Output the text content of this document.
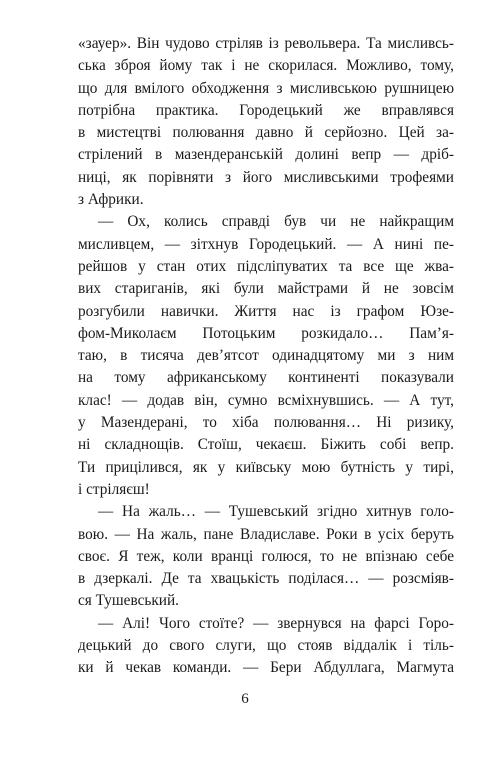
«зауер». Він чудово стріляв із револьвера. Та мисливсь-
ська зброя йому так і не скорилася. Можливо, тому,
що для вмілого обходження з мисливською рушницею
потрібна практика. Городецький же вправлявся
в мистецтві полювання давно й серйозно. Цей за-
стрілений в мазендеранській долині вепр — дріб-
ниці, як порівняти з його мисливськими трофеями
з Африки.
— Ох, колись справді був чи не найкращим
мисливцем, — зітхнув Городецький. — А нині пе-
рейшов у стан отих підсліпуватих та все ще жва-
вих стариганів, які були майстрами й не зовсім
розгубили навички. Життя нас із графом Юзе-
фом-Миколаєм Потоцьким розкидало… Пам’я-
таю, в тисяча дев’ятсот одинадцятому ми з ним
на тому африканському континенті показували
клас! — додав він, сумно всміхнувшись. — А тут,
у Мазендерані, то хіба полювання… Ні ризику,
ні складнощів. Стоїш, чекаєш. Біжить собі вепр.
Ти прицілився, як у київську мою бутність у тирі,
і стріляєш!
— На жаль… — Тушевський згідно хитнув голо-
вою. — На жаль, пане Владиславе. Роки в усіх беруть
своє. Я теж, коли вранці голюся, то не впізнаю себе
в дзеркалі. Де та хвацькість поділася… — розсміяв-
ся Тушевський.
— Алі! Чого стоїте? — звернувся на фарсі Горо-
децький до свого слуги, що стояв віддалік і тіль-
ки й чекав команди. — Бери Абдуллага, Магмута
6
